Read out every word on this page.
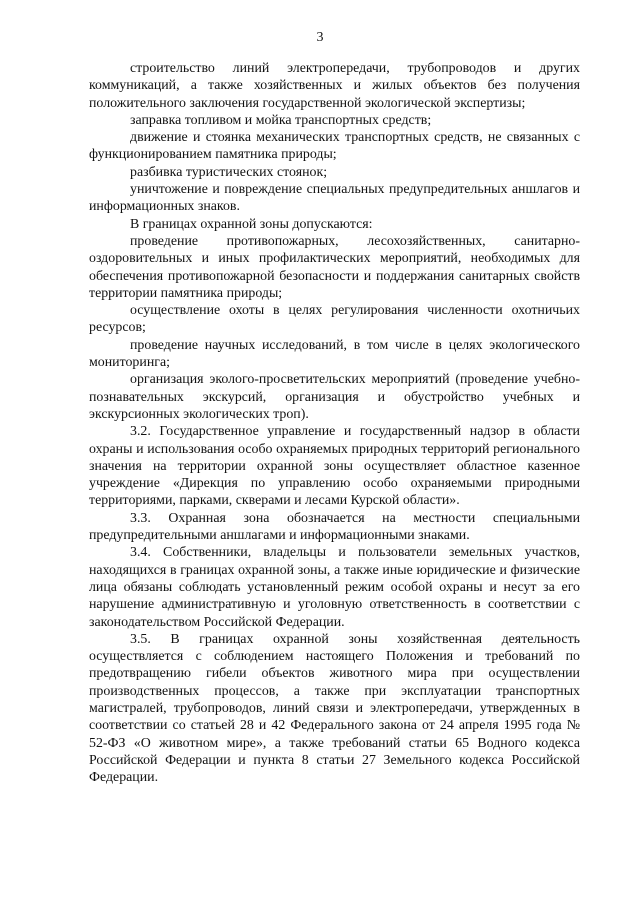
3

строительство линий электропередачи, трубопроводов и других коммуникаций, а также хозяйственных и жилых объектов без получения положительного заключения государственной экологической экспертизы;

заправка топливом и мойка транспортных средств;

движение и стоянка механических транспортных средств, не связанных с функционированием памятника природы;

разбивка туристических стоянок;

уничтожение и повреждение специальных предупредительных аншлагов и информационных знаков.

В границах охранной зоны допускаются:

проведение противопожарных, лесохозяйственных, санитарно-оздоровительных и иных профилактических мероприятий, необходимых для обеспечения противопожарной безопасности и поддержания санитарных свойств территории памятника природы;

осуществление охоты в целях регулирования численности охотничьих ресурсов;

проведение научных исследований, в том числе в целях экологического мониторинга;

организация эколого-просветительских мероприятий (проведение учебно-познавательных экскурсий, организация и обустройство учебных и экскурсионных экологических троп).

3.2. Государственное управление и государственный надзор в области охраны и использования особо охраняемых природных территорий регионального значения на территории охранной зоны осуществляет областное казенное учреждение «Дирекция по управлению особо охраняемыми природными территориями, парками, скверами и лесами Курской области».

3.3. Охранная зона обозначается на местности специальными предупредительными аншлагами и информационными знаками.

3.4. Собственники, владельцы и пользователи земельных участков, находящихся в границах охранной зоны, а также иные юридические и физические лица обязаны соблюдать установленный режим особой охраны и несут за его нарушение административную и уголовную ответственность в соответствии с законодательством Российской Федерации.

3.5. В границах охранной зоны хозяйственная деятельность осуществляется с соблюдением настоящего Положения и требований по предотвращению гибели объектов животного мира при осуществлении производственных процессов, а также при эксплуатации транспортных магистралей, трубопроводов, линий связи и электропередачи, утвержденных в соответствии со статьей 28 и 42 Федерального закона от 24 апреля 1995 года № 52-ФЗ «О животном мире», а также требований статьи 65 Водного кодекса Российской Федерации и пункта 8 статьи 27 Земельного кодекса Российской Федерации.
